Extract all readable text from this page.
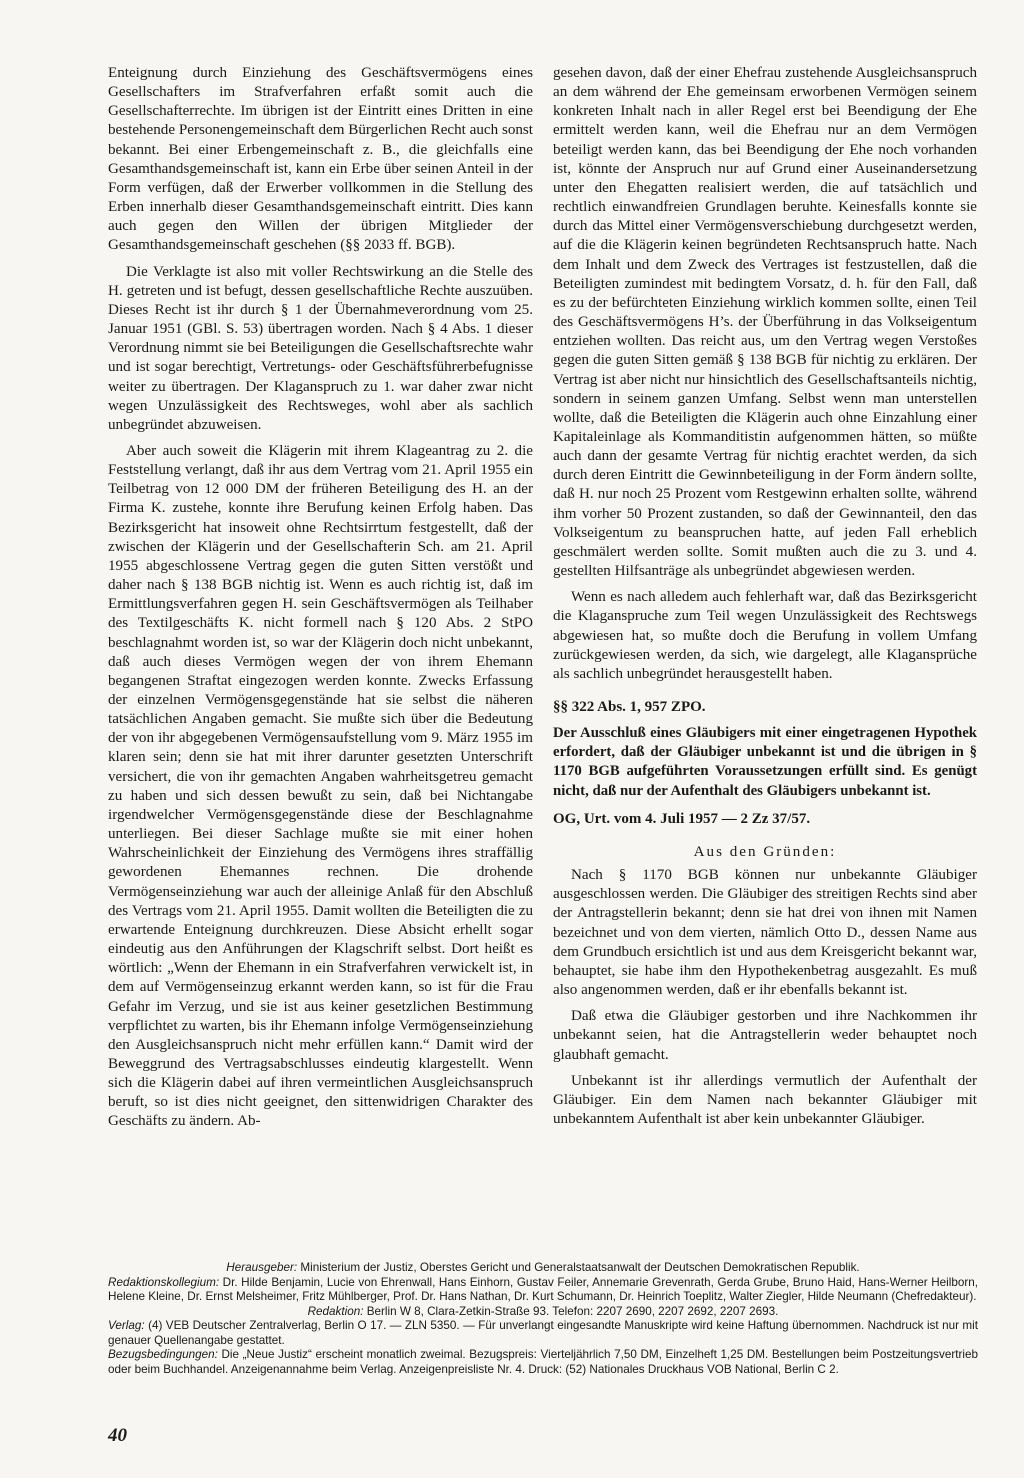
Enteignung durch Einziehung des Geschäftsvermögens eines Gesellschafters im Strafverfahren erfaßt somit auch die Gesellschafterrechte. Im übrigen ist der Eintritt eines Dritten in eine bestehende Personengemeinschaft dem Bürgerlichen Recht auch sonst bekannt. Bei einer Erbengemeinschaft z. B., die gleichfalls eine Gesamthandsgemeinschaft ist, kann ein Erbe über seinen Anteil in der Form verfügen, daß der Erwerber vollkommen in die Stellung des Erben innerhalb dieser Gesamthandsgemeinschaft eintritt. Dies kann auch gegen den Willen der übrigen Mitglieder der Gesamthandsgemeinschaft geschehen (§§ 2033 ff. BGB).

Die Verklagte ist also mit voller Rechtswirkung an die Stelle des H. getreten und ist befugt, dessen gesellschaftliche Rechte auszuüben. Dieses Recht ist ihr durch § 1 der Übernahmeverordnung vom 25. Januar 1951 (GBl. S. 53) übertragen worden. Nach § 4 Abs. 1 dieser Verordnung nimmt sie bei Beteiligungen die Gesellschaftsrechte wahr und ist sogar berechtigt, Vertretungs- oder Geschäftsführerbefugnisse weiter zu übertragen. Der Klaganspruch zu 1. war daher zwar nicht wegen Unzulässigkeit des Rechtsweges, wohl aber als sachlich unbegründet abzuweisen.

Aber auch soweit die Klägerin mit ihrem Klageantrag zu 2. die Feststellung verlangt, daß ihr aus dem Vertrag vom 21. April 1955 ein Teilbetrag von 12 000 DM der früheren Beteiligung des H. an der Firma K. zustehe, konnte ihre Berufung keinen Erfolg haben. Das Bezirksgericht hat insoweit ohne Rechtsirrtum festgestellt, daß der zwischen der Klägerin und der Gesellschafterin Sch. am 21. April 1955 abgeschlossene Vertrag gegen die guten Sitten verstößt und daher nach § 138 BGB nichtig ist. Wenn es auch richtig ist, daß im Ermittlungsverfahren gegen H. sein Geschäftsvermögen als Teilhaber des Textilgeschäfts K. nicht formell nach § 120 Abs. 2 StPO beschlagnahmt worden ist, so war der Klägerin doch nicht unbekannt, daß auch dieses Vermögen wegen der von ihrem Ehemann begangenen Straftat eingezogen werden konnte. Zwecks Erfassung der einzelnen Vermögensgegenstände hat sie selbst die näheren tatsächlichen Angaben gemacht. Sie mußte sich über die Bedeutung der von ihr abgegebenen Vermögensaufstellung vom 9. März 1955 im klaren sein; denn sie hat mit ihrer darunter gesetzten Unterschrift versichert, die von ihr gemachten Angaben wahrheitsgetreu gemacht zu haben und sich dessen bewußt zu sein, daß bei Nichtangabe irgendwelcher Vermögensgegenstände diese der Beschlagnahme unterliegen. Bei dieser Sachlage mußte sie mit einer hohen Wahrscheinlichkeit der Einziehung des Vermögens ihres straffällig gewordenen Ehemannes rechnen. Die drohende Vermögenseinziehung war auch der alleinige Anlaß für den Abschluß des Vertrags vom 21. April 1955. Damit wollten die Beteiligten die zu erwartende Enteignung durchkreuzen. Diese Absicht erhellt sogar eindeutig aus den Anführungen der Klagschrift selbst. Dort heißt es wörtlich: „Wenn der Ehemann in ein Strafverfahren verwickelt ist, in dem auf Vermögenseinzug erkannt werden kann, so ist für die Frau Gefahr im Verzug, und sie ist aus keiner gesetzlichen Bestimmung verpflichtet zu warten, bis ihr Ehemann infolge Vermögenseinziehung den Ausgleichsanspruch nicht mehr erfüllen kann.“ Damit wird der Beweggrund des Vertragsabschlusses eindeutig klargestellt. Wenn sich die Klägerin dabei auf ihren vermeintlichen Ausgleichsanspruch beruft, so ist dies nicht geeignet, den sittenwidrigen Charakter des Geschäfts zu ändern. Ab-

gesehen davon, daß der einer Ehefrau zustehende Ausgleichsanspruch an dem während der Ehe gemeinsam erworbenen Vermögen seinem konkreten Inhalt nach in aller Regel erst bei Beendigung der Ehe ermittelt werden kann, weil die Ehefrau nur an dem Vermögen beteiligt werden kann, das bei Beendigung der Ehe noch vorhanden ist, könnte der Anspruch nur auf Grund einer Auseinandersetzung unter den Ehegatten realisiert werden, die auf tatsächlich und rechtlich einwandfreien Grundlagen beruhte. Keinesfalls konnte sie durch das Mittel einer Vermögensverschiebung durchgesetzt werden, auf die die Klägerin keinen begründeten Rechtsanspruch hatte. Nach dem Inhalt und dem Zweck des Vertrages ist festzustellen, daß die Beteiligten zumindest mit bedingtem Vorsatz, d. h. für den Fall, daß es zu der befürchteten Einziehung wirklich kommen sollte, einen Teil des Geschäftsvermögens H’s. der Überführung in das Volkseigentum entziehen wollten. Das reicht aus, um den Vertrag wegen Verstoßes gegen die guten Sitten gemäß § 138 BGB für nichtig zu erklären. Der Vertrag ist aber nicht nur hinsichtlich des Gesellschaftsanteils nichtig, sondern in seinem ganzen Umfang. Selbst wenn man unterstellen wollte, daß die Beteiligten die Klägerin auch ohne Einzahlung einer Kapitaleinlage als Kommanditistin aufgenommen hätten, so müßte auch dann der gesamte Vertrag für nichtig erachtet werden, da sich durch deren Eintritt die Gewinnbeteiligung in der Form ändern sollte, daß H. nur noch 25 Prozent vom Restgewinn erhalten sollte, während ihm vorher 50 Prozent zustanden, so daß der Gewinnanteil, den das Volkseigentum zu beanspruchen hatte, auf jeden Fall erheblich geschmälert werden sollte. Somit mußten auch die zu 3. und 4. gestellten Hilfsanträge als unbegründet abgewiesen werden.

Wenn es nach alledem auch fehlerhaft war, daß das Bezirksgericht die Klaganspruche zum Teil wegen Unzulässigkeit des Rechtswegs abgewiesen hat, so mußte doch die Berufung in vollem Umfang zurückgewiesen werden, da sich, wie dargelegt, alle Klagansprüche als sachlich unbegründet herausgestellt haben.

§§ 322 Abs. 1, 957 ZPO.

Der Ausschluß eines Gläubigers mit einer eingetragenen Hypothek erfordert, daß der Gläubiger unbekannt ist und die übrigen in § 1170 BGB aufgeführten Voraussetzungen erfüllt sind. Es genügt nicht, daß nur der Aufenthalt des Gläubigers unbekannt ist.

OG, Urt. vom 4. Juli 1957 — 2 Zz 37/57.

Aus den Gründen:

Nach § 1170 BGB können nur unbekannte Gläubiger ausgeschlossen werden. Die Gläubiger des streitigen Rechts sind aber der Antragstellerin bekannt; denn sie hat drei von ihnen mit Namen bezeichnet und von dem vierten, nämlich Otto D., dessen Name aus dem Grundbuch ersichtlich ist und aus dem Kreisgericht bekannt war, behauptet, sie habe ihm den Hypothekenbetrag ausgezahlt. Es muß also angenommen werden, daß er ihr ebenfalls bekannt ist.

Daß etwa die Gläubiger gestorben und ihre Nachkommen ihr unbekannt seien, hat die Antragstellerin weder behauptet noch glaubhaft gemacht.

Unbekannt ist ihr allerdings vermutlich der Aufenthalt der Gläubiger. Ein dem Namen nach bekannter Gläubiger mit unbekanntem Aufenthalt ist aber kein unbekannter Gläubiger.

Herausgeber: Ministerium der Justiz, Oberstes Gericht und Generalstaatsanwalt der Deutschen Demokratischen Republik.
Redaktionskollegium: Dr. Hilde Benjamin, Lucie von Ehrenwall, Hans Einhorn, Gustav Feiler, Annemarie Grevenrath, Gerda Grube, Bruno Haid, Hans-Werner Heilborn, Helene Kleine, Dr. Ernst Melsheimer, Fritz Mühlberger, Prof. Dr. Hans Nathan, Dr. Kurt Schumann, Dr. Heinrich Toeplitz, Walter Ziegler, Hilde Neumann (Chefredakteur).
Redaktion: Berlin W 8, Clara-Zetkin-Straße 93. Telefon: 2207 2690, 2207 2692, 2207 2693.
Verlag: (4) VEB Deutscher Zentralverlag, Berlin O 17. — ZLN 5350. — Für unverlangt eingesandte Manuskripte wird keine Haftung übernommen. Nachdruck ist nur mit genauer Quellenangabe gestattet.
Bezugsbedingungen: Die „Neue Justiz“ erscheint monatlich zweimal. Bezugspreis: Vierteljährlich 7,50 DM, Einzelheft 1,25 DM. Bestellungen beim Postzeitungsvertrieb oder beim Buchhandel. Anzeigenannahme beim Verlag. Anzeigenpreisliste Nr. 4. Druck: (52) Nationales Druckhaus VOB National, Berlin C 2.
40
